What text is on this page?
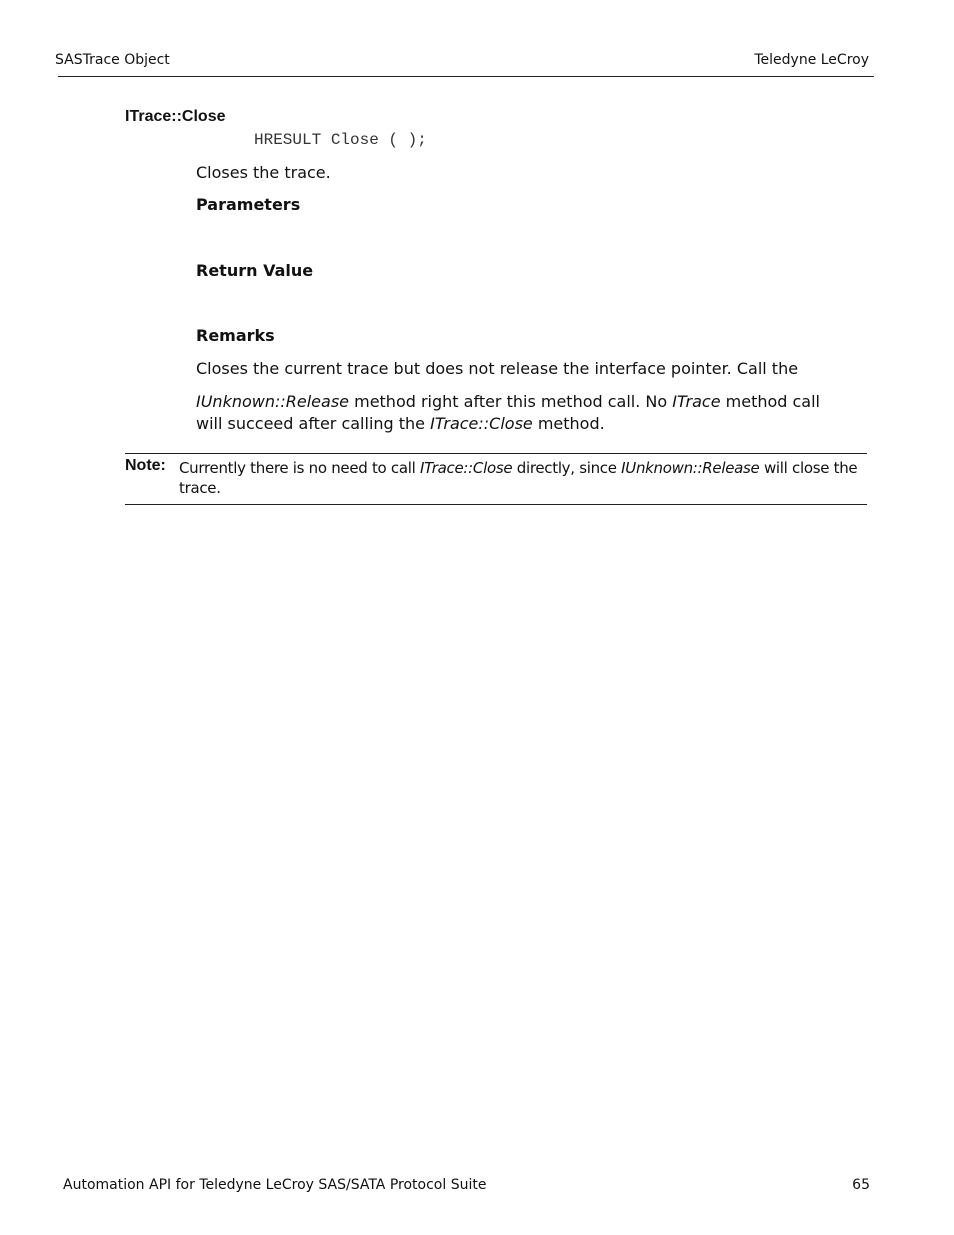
SASTrace Object	Teledyne LeCroy
ITrace::Close
HRESULT Close ( );
Closes the trace.
Parameters
Return Value
Remarks
Closes the current trace but does not release the interface pointer. Call the
IUnknown::Release method right after this method call. No ITrace method call will succeed after calling the ITrace::Close method.
Note: Currently there is no need to call ITrace::Close directly, since IUnknown::Release will close the
trace.
Automation API for Teledyne LeCroy SAS/SATA Protocol Suite	65
